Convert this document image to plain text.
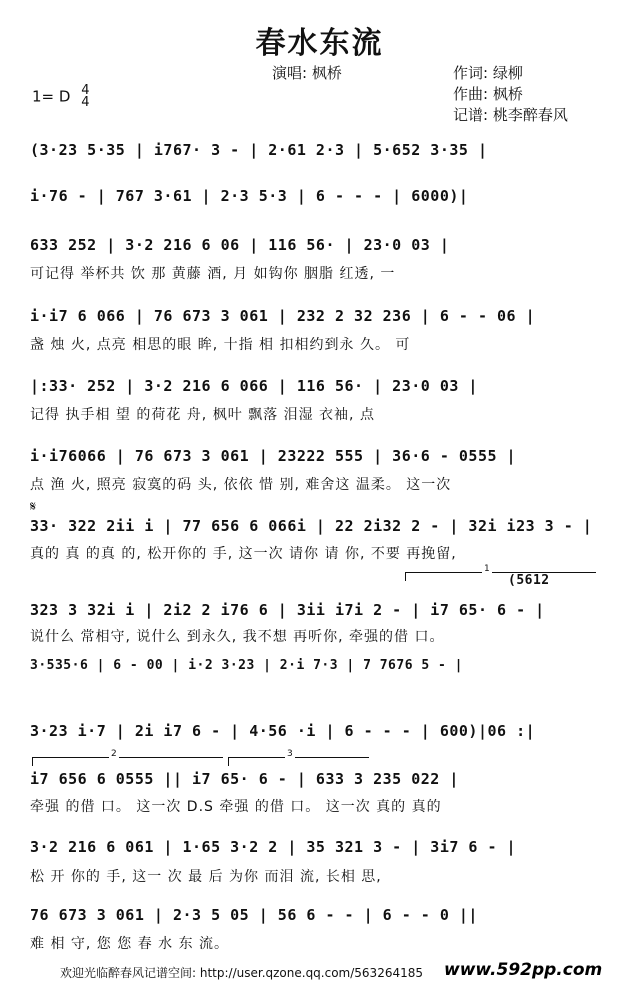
春水东流
演唱: 枫桥	作词: 绿柳
作曲: 枫桥
记谱: 桃李醉春风
1= D 4
4
(3·23 5·35 | i767· 3 - | 2·61 2·3 | 5·652 3·35 |
i·76 - | 767 3·61 | 2·3 5·3 | 6 - - - | 6000)|
633 252 | 3·2 216 6 06 | 116 56· | 23·0 03 |
可记得 举杯共 饮 那 黄藤 酒, 月 如钩你 胭脂 红透, 一
i·i7 6 066 | 76 673 3 061 | 232 2 32 236 | 6 - - 06 |
盏 烛 火, 点亮 相思的眼 眸, 十指 相 扣相约到永 久。 可
|:33· 252 | 3·2 216 6 066 | 116 56· | 23·0 03 |
记得 执手相 望 的荷花 舟, 枫叶 飘落 泪湿 衣袖, 点
i·i76066 | 76 673 3 061 | 23222 555 | 36·6 - 0555 |
点 渔 火, 照亮 寂寞的码 头, 依依 惜 别, 难舍这 温柔。 这一次
𝄋
33· 322 2ii i | 77 656 6 066i | 22 2i32 2 - | 32i i23 3 - |
真的 真 的真 的, 松开你的 手, 这一次 请你 请 你, 不要 再挽留,
1
(5612
323 3 32i i | 2i2 2 i76 6 | 3ii i7i 2 - | i7 65· 6 - |
说什么 常相守, 说什么 到永久, 我不想 再听你, 牵强的借 口。
3·535·6 | 6 - 00 | i·2 3·23 | 2·i 7·3 | 7 7676 5 - |
3·23 i·7 | 2i i7 6 - | 4·56 ·i | 6 - - - | 600)|06 :|
2	3
i7 656 6 0555 || i7 65· 6 - | 633 3 235 022 |
牵强 的借 口。 这一次 D.S 牵强 的借 口。 这一次 真的 真的
3·2 216 6 061 | 1·65 3·2 2 | 35 321 3 - | 3i7 6 - |
松 开 你的 手, 这一 次 最 后 为你 而泪 流, 长相 思,
76 673 3 061 | 2·3 5 05 | 56 6 - - | 6 - - 0 ||
难 相 守, 您 您 春 水 东 流。
欢迎光临醉春风记谱空间: http://user.qzone.qq.com/563264185 www.592pp.com
